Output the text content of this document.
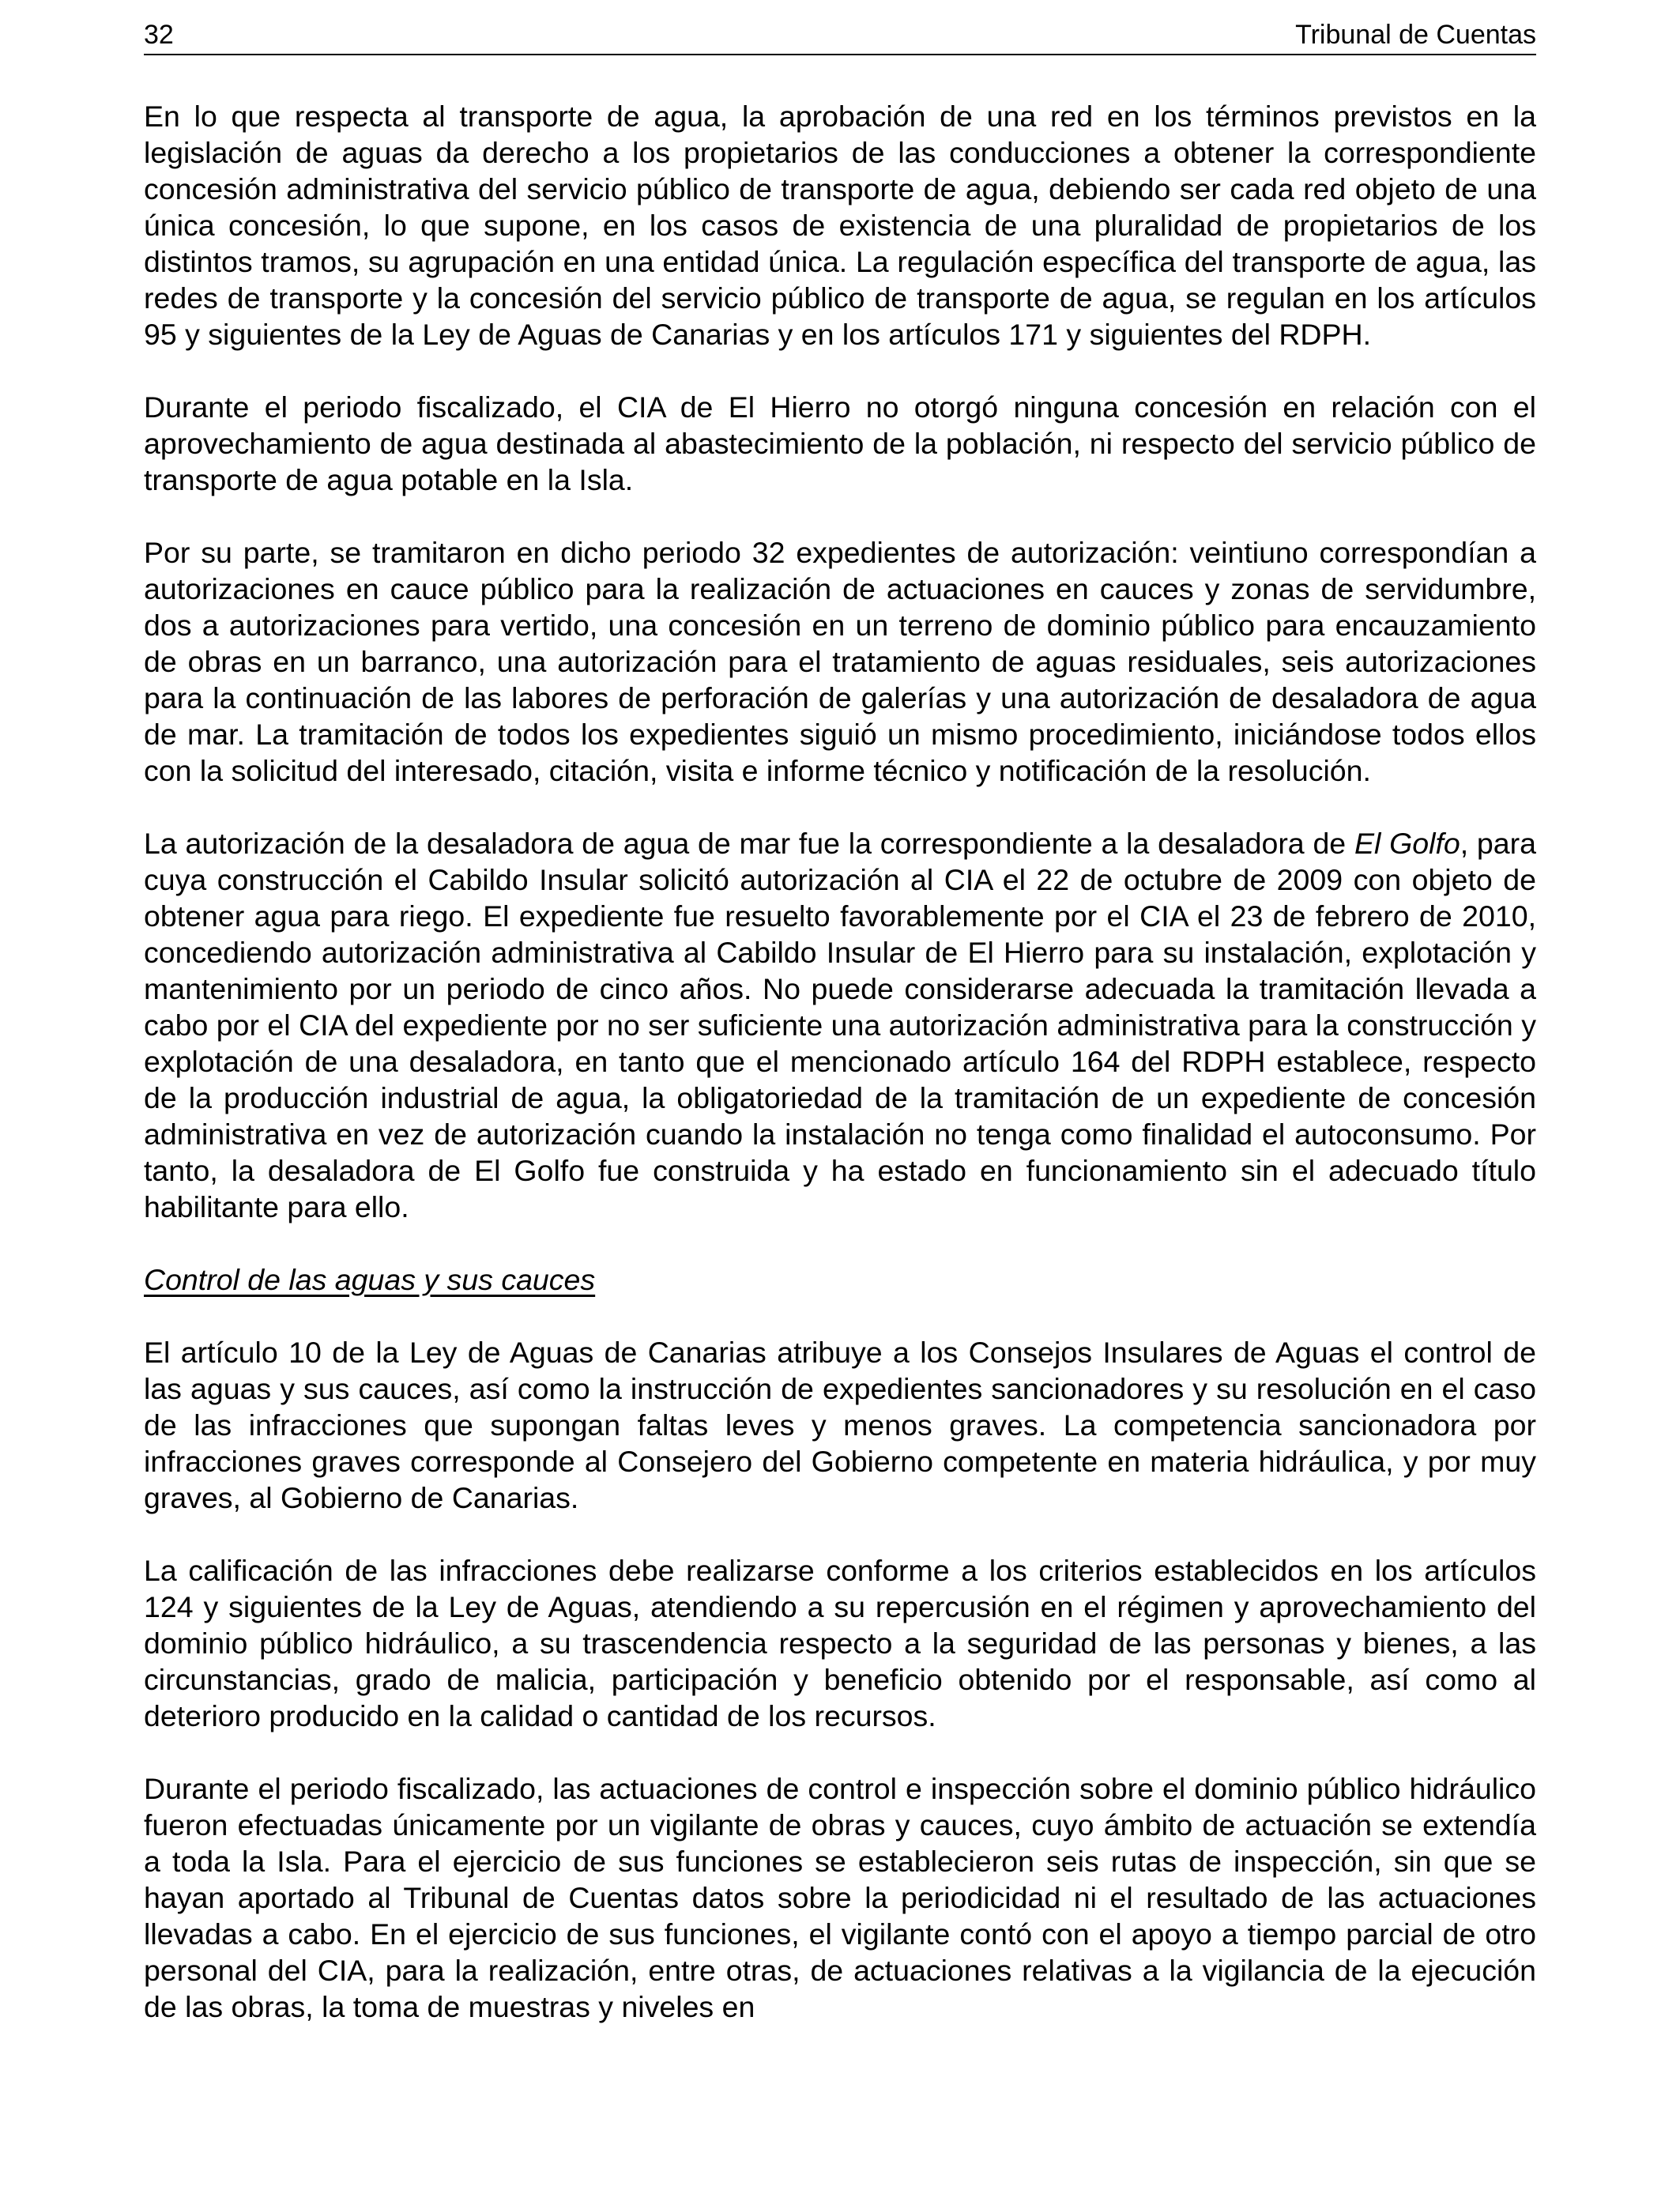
32	Tribunal de Cuentas

En lo que respecta al transporte de agua, la aprobación de una red en los términos previstos en la legislación de aguas da derecho a los propietarios de las conducciones a obtener la correspondiente concesión administrativa del servicio público de transporte de agua, debiendo ser cada red objeto de una única concesión, lo que supone, en los casos de existencia de una pluralidad de propietarios de los distintos tramos, su agrupación en una entidad única. La regulación específica del transporte de agua, las redes de transporte y la concesión del servicio público de transporte de agua, se regulan en los artículos 95 y siguientes de la Ley de Aguas de Canarias y en los artículos 171 y siguientes del RDPH.

Durante el periodo fiscalizado, el CIA de El Hierro no otorgó ninguna concesión en relación con el aprovechamiento de agua destinada al abastecimiento de la población, ni respecto del servicio público de transporte de agua potable en la Isla.

Por su parte, se tramitaron en dicho periodo 32 expedientes de autorización: veintiuno correspondían a autorizaciones en cauce público para la realización de actuaciones en cauces y zonas de servidumbre, dos a autorizaciones para vertido, una concesión en un terreno de dominio público para encauzamiento de obras en un barranco, una autorización para el tratamiento de aguas residuales, seis autorizaciones para la continuación de las labores de perforación de galerías y una autorización de desaladora de agua de mar. La tramitación de todos los expedientes siguió un mismo procedimiento, iniciándose todos ellos con la solicitud del interesado, citación, visita e informe técnico y notificación de la resolución.

La autorización de la desaladora de agua de mar fue la correspondiente a la desaladora de El Golfo, para cuya construcción el Cabildo Insular solicitó autorización al CIA el 22 de octubre de 2009 con objeto de obtener agua para riego. El expediente fue resuelto favorablemente por el CIA el 23 de febrero de 2010, concediendo autorización administrativa al Cabildo Insular de El Hierro para su instalación, explotación y mantenimiento por un periodo de cinco años. No puede considerarse adecuada la tramitación llevada a cabo por el CIA del expediente por no ser suficiente una autorización administrativa para la construcción y explotación de una desaladora, en tanto que el mencionado artículo 164 del RDPH establece, respecto de la producción industrial de agua, la obligatoriedad de la tramitación de un expediente de concesión administrativa en vez de autorización cuando la instalación no tenga como finalidad el autoconsumo. Por tanto, la desaladora de El Golfo fue construida y ha estado en funcionamiento sin el adecuado título habilitante para ello.

Control de las aguas y sus cauces

El artículo 10 de la Ley de Aguas de Canarias atribuye a los Consejos Insulares de Aguas el control de las aguas y sus cauces, así como la instrucción de expedientes sancionadores y su resolución en el caso de las infracciones que supongan faltas leves y menos graves. La competencia sancionadora por infracciones graves corresponde al Consejero del Gobierno competente en materia hidráulica, y por muy graves, al Gobierno de Canarias.

La calificación de las infracciones debe realizarse conforme a los criterios establecidos en los artículos 124 y siguientes de la Ley de Aguas, atendiendo a su repercusión en el régimen y aprovechamiento del dominio público hidráulico, a su trascendencia respecto a la seguridad de las personas y bienes, a las circunstancias, grado de malicia, participación y beneficio obtenido por el responsable, así como al deterioro producido en la calidad o cantidad de los recursos.

Durante el periodo fiscalizado, las actuaciones de control e inspección sobre el dominio público hidráulico fueron efectuadas únicamente por un vigilante de obras y cauces, cuyo ámbito de actuación se extendía a toda la Isla. Para el ejercicio de sus funciones se establecieron seis rutas de inspección, sin que se hayan aportado al Tribunal de Cuentas datos sobre la periodicidad ni el resultado de las actuaciones llevadas a cabo. En el ejercicio de sus funciones, el vigilante contó con el apoyo a tiempo parcial de otro personal del CIA, para la realización, entre otras, de actuaciones relativas a la vigilancia de la ejecución de las obras, la toma de muestras y niveles en
